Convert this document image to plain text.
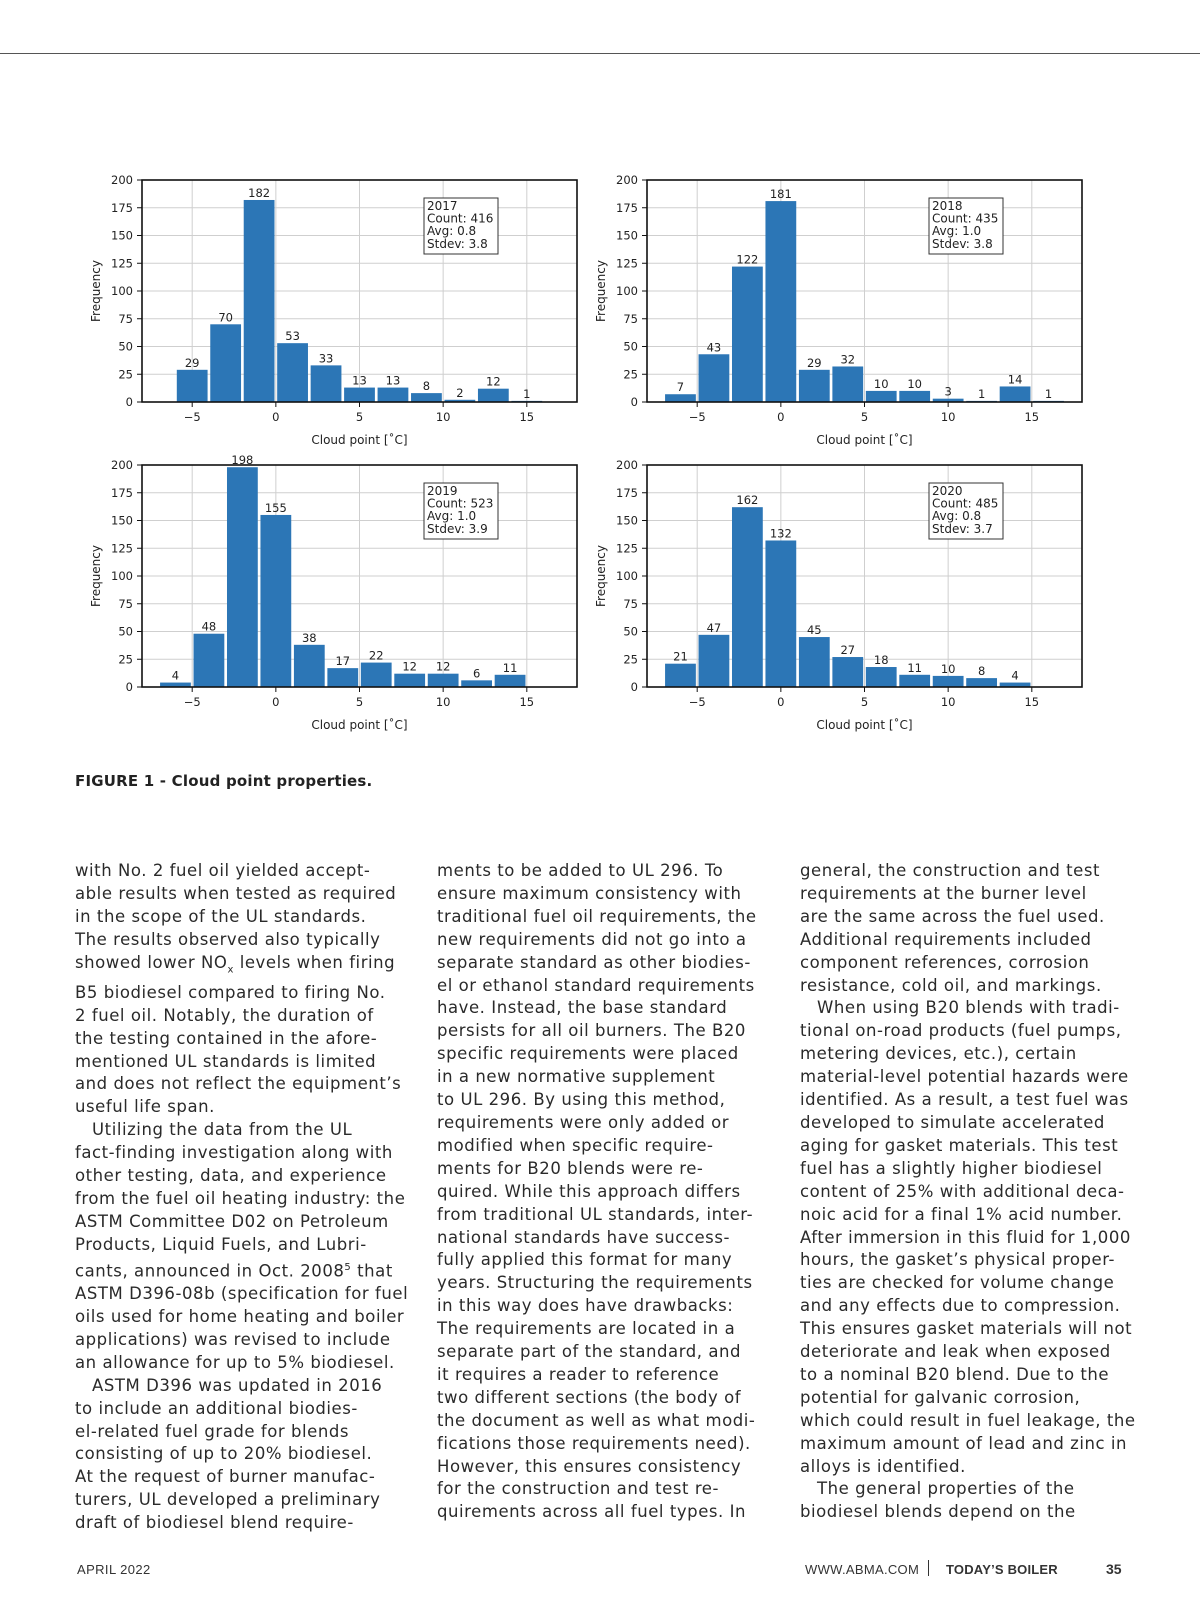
29
70
182
53
33
13 13 8 2
12
1
0
25
50
75
100
125
150
175
200
−5	0	5	10	15
Cloud point [˚C]
Frequency
2017
Count: 416
Avg: 0.8
Stdev: 3.8
7
43
122
181
29 32
10 10
3 1
14
1
0
25
50
75
100
125
150
175
200
−5	0	5	10	15
Cloud point [˚C]
Frequency
2018
Count: 435
Avg: 1.0
Stdev: 3.8
4
48
198
155
38
17 22
12 12 6 11
0
25
50
75
100
125
150
175
200
−5	0	5	10	15
Cloud point [˚C]
Frequency
2019
Count: 523
Avg: 1.0
Stdev: 3.9
21
47
162
132
45
27
18
11 10 8 4
0
25
50
75
100
125
150
175
200
−5	0	5	10	15
Cloud point [˚C]
Frequency
2020
Count: 485
Avg: 0.8
Stdev: 3.7
FIGURE 1 - Cloud point properties.
with No. 2 fuel oil yielded accept-
able results when tested as required
in the scope of the UL standards.
The results observed also typically
showed lower $NO_x$ levels when firing
B5 biodiesel compared to firing No.
2 fuel oil. Notably, the duration of
the testing contained in the afore-
mentioned UL standards is limited
and does not reflect the equipment’s
useful life span.
 Utilizing the data from the UL
fact-finding investigation along with
other testing, data, and experience
from the fuel oil heating industry: the
ASTM Committee D02 on Petroleum
Products, Liquid Fuels, and Lubri-
cants, announced in Oct. 2008$^5$ that
ASTM D396-08b (specification for fuel
oils used for home heating and boiler
applications) was revised to include
an allowance for up to 5% biodiesel.
 ASTM D396 was updated in 2016
to include an additional biodies-
el-related fuel grade for blends
consisting of up to 20% biodiesel.
At the request of burner manufac-
turers, UL developed a preliminary
draft of biodiesel blend require-
ments to be added to UL 296. To
ensure maximum consistency with
traditional fuel oil requirements, the
new requirements did not go into a
separate standard as other biodies-
el or ethanol standard requirements
have. Instead, the base standard
persists for all oil burners. The B20
specific requirements were placed
in a new normative supplement
to UL 296. By using this method,
requirements were only added or
modified when specific require-
ments for B20 blends were re-
quired. While this approach differs
from traditional UL standards, inter-
national standards have success-
fully applied this format for many
years. Structuring the requirements
in this way does have drawbacks:
The requirements are located in a
separate part of the standard, and
it requires a reader to reference
two different sections (the body of
the document as well as what modi-
fications those requirements need).
However, this ensures consistency
for the construction and test re-
quirements across all fuel types. In
general, the construction and test
requirements at the burner level
are the same across the fuel used.
Additional requirements included
component references, corrosion
resistance, cold oil, and markings.
 When using B20 blends with tradi-
tional on-road products (fuel pumps,
metering devices, etc.), certain
material-level potential hazards were
identified. As a result, a test fuel was
developed to simulate accelerated
aging for gasket materials. This test
fuel has a slightly higher biodiesel
content of 25% with additional deca-
noic acid for a final 1% acid number.
After immersion in this fluid for 1,000
hours, the gasket’s physical proper-
ties are checked for volume change
and any effects due to compression.
This ensures gasket materials will not
deteriorate and leak when exposed
to a nominal B20 blend. Due to the
potential for galvanic corrosion,
which could result in fuel leakage, the
maximum amount of lead and zinc in
alloys is identified.
 The general properties of the
biodiesel blends depend on the
APRIL 2022	WWW.ABMA.COM TODAY’S BOILER	35
